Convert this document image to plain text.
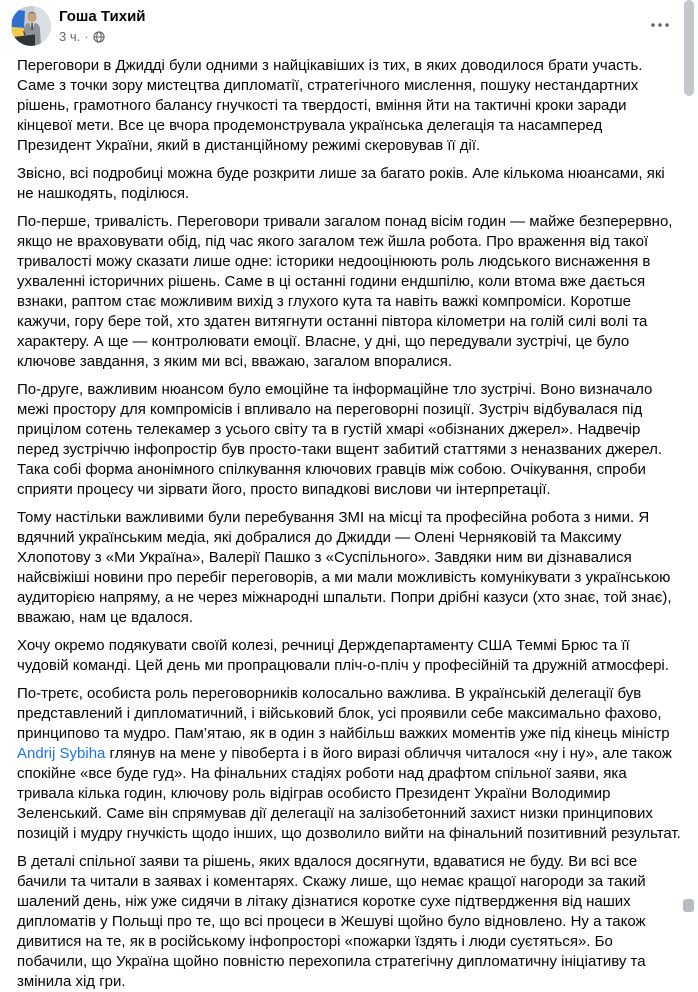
Гоша Тихий
3 ч. ·

Переговори в Джидді були одними з найцікавіших із тих, в яких доводилося брати участь. Саме з точки зору мистецтва дипломатії, стратегічного мислення, пошуку нестандартних рішень, грамотного балансу гнучкості та твердості, вміння йти на тактичні кроки заради кінцевої мети. Все це вчора продемонструвала українська делегація та насамперед Президент України, який в дистанційному режимі скеровував її дії.

Звісно, всі подробиці можна буде розкрити лише за багато років. Але кількома нюансами, які не нашкодять, поділюся.

По-перше, тривалість. Переговори тривали загалом понад вісім годин — майже безперервно, якщо не враховувати обід, під час якого загалом теж йшла робота. Про враження від такої тривалості можу сказати лише одне: історики недооцінюють роль людського виснаження в ухваленні історичних рішень. Саме в ці останні години ендшпілю, коли втома вже дається взнаки, раптом стає можливим вихід з глухого кута та навіть важкі компроміси. Коротше кажучи, гору бере той, хто здатен витягнути останні півтора кілометри на голій силі волі та характеру. А ще — контролювати емоції. Власне, у дні, що передували зустрічі, це було ключове завдання, з яким ми всі, вважаю, загалом впоралися.

По-друге, важливим нюансом було емоційне та інформаційне тло зустрічі. Воно визначало межі простору для компромісів і впливало на переговорні позиції. Зустріч відбувалася під прицілом сотень телекамер з усього світу та в густій хмарі «обізнаних джерел». Надвечір перед зустріччю інфопростір був просто-таки вщент забитий статтями з неназваних джерел. Така собі форма анонімного спілкування ключових гравців між собою. Очікування, спроби сприяти процесу чи зірвати його, просто випадкові вислови чи інтерпретації.

Тому настільки важливими були перебування ЗМІ на місці та професійна робота з ними. Я вдячний українським медіа, які добралися до Джидди — Олені Черняковій та Максиму Хлопотову з «Ми Україна», Валерії Пашко з «Суспільного». Завдяки ним ви дізнавалися найсвіжіші новини про перебіг переговорів, а ми мали можливість комунікувати з українською аудиторією напряму, а не через міжнародні шпальти. Попри дрібні казуси (хто знає, той знає), вважаю, нам це вдалося.

Хочу окремо подякувати своїй колезі, речниці Держдепартаменту США Теммі Брюс та її чудовій команді. Цей день ми пропрацювали пліч-о-пліч у професійній та дружній атмосфері.

По-третє, особиста роль переговорників колосально важлива. В українській делегації був представлений і дипломатичний, і військовий блок, усі проявили себе максимально фахово, принципово та мудро. Пам’ятаю, як в один з найбільш важких моментів уже під кінець міністр Andrij Sybiha глянув на мене у півоберта і в його виразі обличчя читалося «ну і ну», але також спокійне «все буде гуд». На фінальних стадіях роботи над драфтом спільної заяви, яка тривала кілька годин, ключову роль відіграв особисто Президент України Володимир Зеленський. Саме він спрямував дії делегації на залізобетонний захист низки принципових позицій і мудру гнучкість щодо інших, що дозволило вийти на фінальний позитивний результат.

В деталі спільної заяви та рішень, яких вдалося досягнути, вдаватися не буду. Ви всі все бачили та читали в заявах і коментарях. Скажу лише, що немає кращої нагороди за такий шалений день, ніж уже сидячи в літаку дізнатися коротке сухе підтвердження від наших дипломатів у Польщі про те, що всі процеси в Жешуві щойно було відновлено. Ну а також дивитися на те, як в російському інфопросторі «пожарки їздять і люди суєтяться». Бо побачили, що Україна щойно повністю перехопила стратегічну дипломатичну ініціативу та змінила хід гри.
